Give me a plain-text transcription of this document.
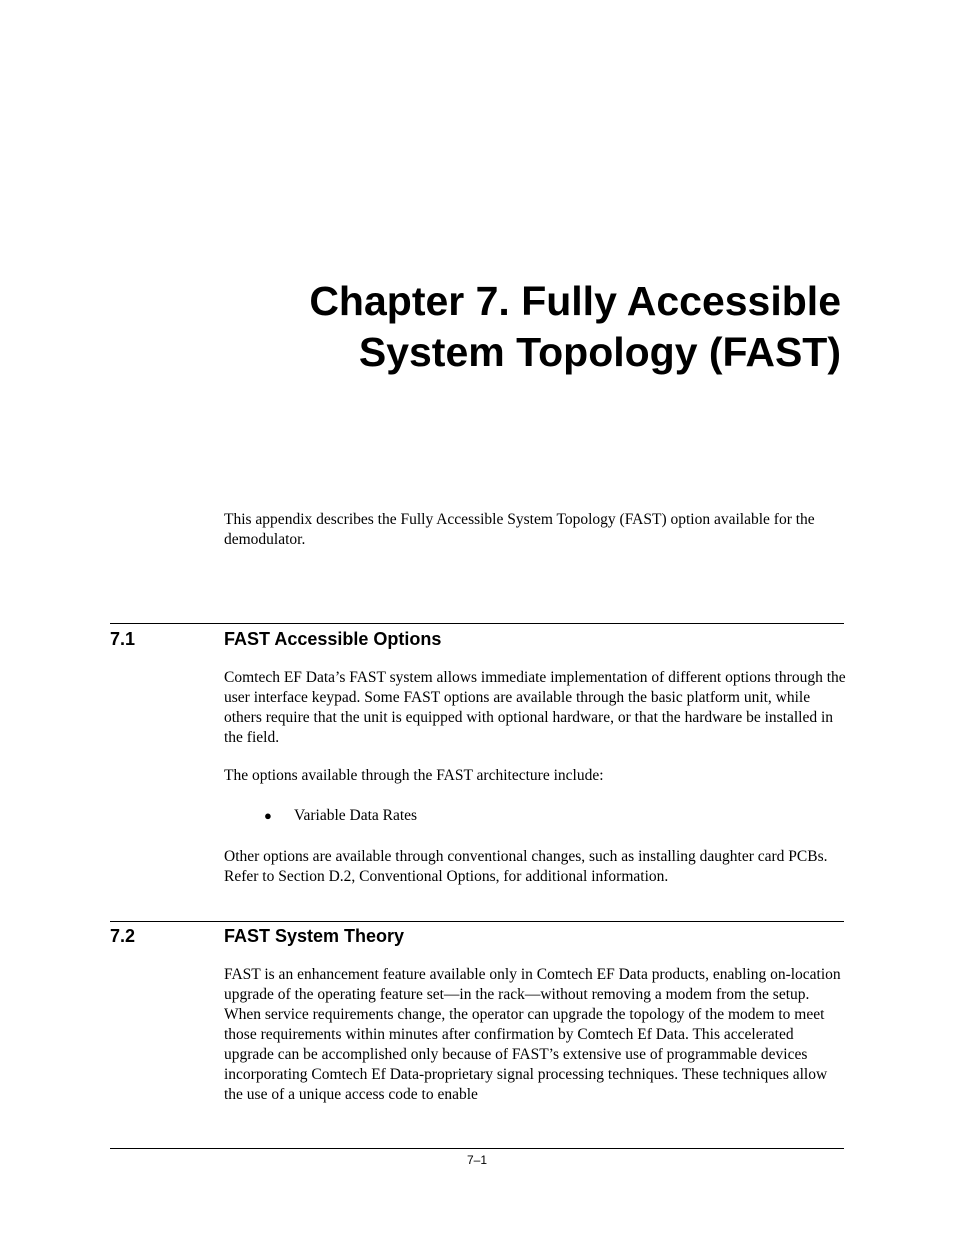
Chapter 7. Fully Accessible
System Topology (FAST)

This appendix describes the Fully Accessible System Topology (FAST) option available for the demodulator.

7.1	FAST Accessible Options

Comtech EF Data’s FAST system allows immediate implementation of different options through the user interface keypad. Some FAST options are available through the basic platform unit, while others require that the unit is equipped with optional hardware, or that the hardware be installed in the field.

The options available through the FAST architecture include:

● Variable Data Rates

Other options are available through conventional changes, such as installing daughter card PCBs. Refer to Section D.2, Conventional Options, for additional information.

7.2	FAST System Theory

FAST is an enhancement feature available only in Comtech EF Data products, enabling on-location upgrade of the operating feature set—in the rack—without removing a modem from the setup. When service requirements change, the operator can upgrade the topology of the modem to meet those requirements within minutes after confirmation by Comtech Ef Data. This accelerated upgrade can be accomplished only because of FAST’s extensive use of programmable devices incorporating Comtech Ef Data-proprietary signal processing techniques. These techniques allow the use of a unique access code to enable

7–1
